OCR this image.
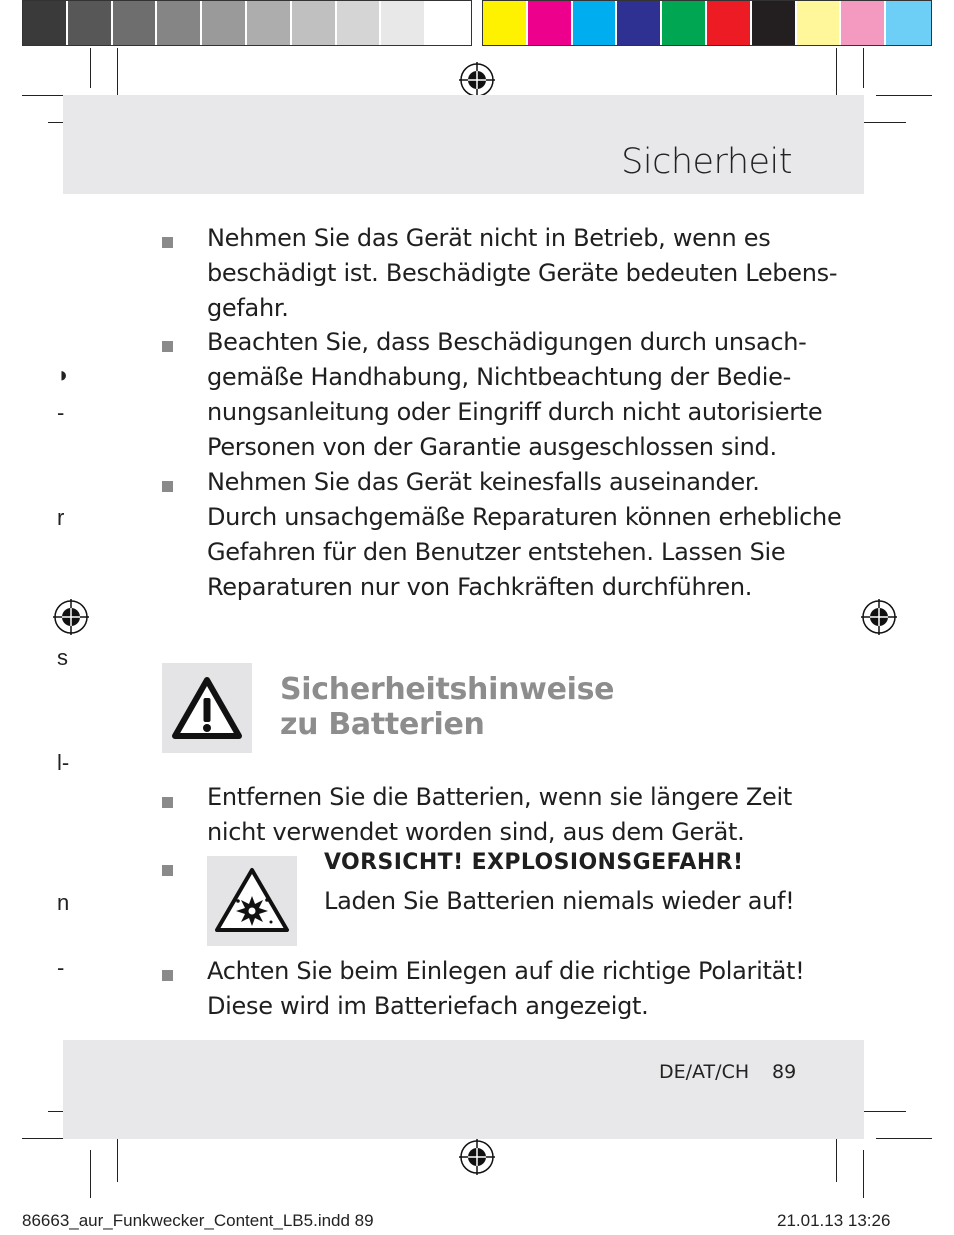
◗
-
r
s
l-
n
-
Sicherheit
Nehmen Sie das Gerät nicht in Betrieb, wenn es
beschädigt ist. Beschädigte Geräte bedeuten Lebens-
gefahr.
Beachten Sie, dass Beschädigungen durch unsach-
gemäße Handhabung, Nichtbeachtung der Bedie-
nungsanleitung oder Eingriff durch nicht autorisierte
Personen von der Garantie ausgeschlossen sind.
Nehmen Sie das Gerät keinesfalls auseinander.
Durch unsachgemäße Reparaturen können erhebliche
Gefahren für den Benutzer entstehen. Lassen Sie
Reparaturen nur von Fachkräften durchführen.
Sicherheitshinweise
zu Batterien
Entfernen Sie die Batterien, wenn sie längere Zeit
nicht verwendet worden sind, aus dem Gerät.
VORSICHT! EXPLOSIONSGEFAHR!
Laden Sie Batterien niemals wieder auf!
Achten Sie beim Einlegen auf die richtige Polarität!
Diese wird im Batteriefach angezeigt.
DE/AT/CH 89
86663_aur_Funkwecker_Content_LB5.indd 89	21.01.13 13:26
